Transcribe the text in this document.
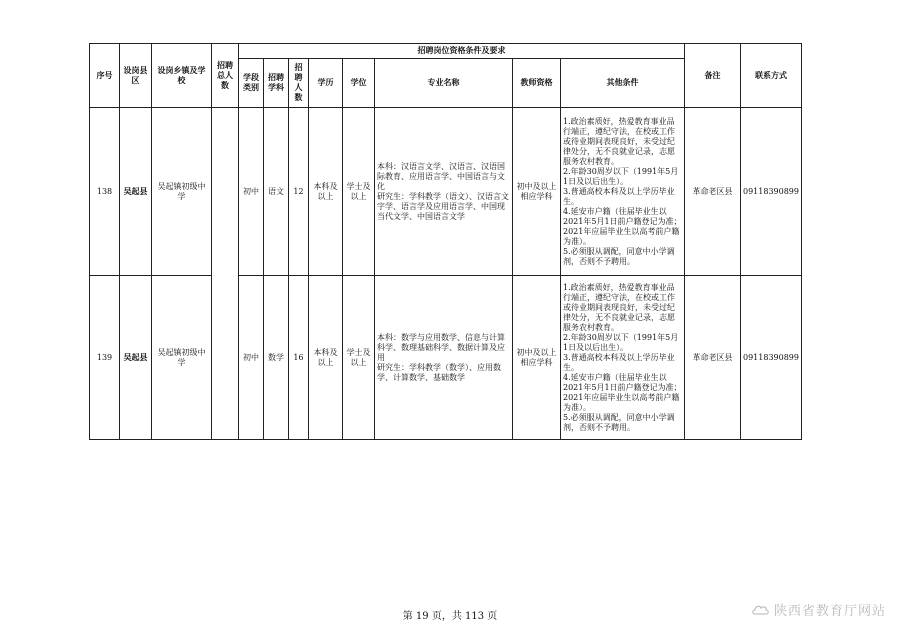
序号	设岗县区	设岗乡镇及学校	招聘总人数	招聘岗位资格条件及要求								备注	联系方式
				学段类别	招聘学科	招聘人数	学历	学位	专业名称	教师资格	其他条件		
138	吴起县	吴起镇初级中学		初中	语文	12	本科及以上	学士及以上	本科：汉语言文学、汉语言、汉语国际教育、应用语言学、中国语言与文化
研究生：学科教学（语文）、汉语言文字学、语言学及应用语言学、中国现当代文学、中国语言文学	初中及以上相应学科	1.政治素质好，热爱教育事业品行端正，遵纪守法，在校或工作或待业期间表现良好，未受过纪律处分，无不良就业记录，志愿服务农村教育。
2.年龄30周岁以下（1991年5月1日及以后出生）。
3.普通高校本科及以上学历毕业生。
4.延安市户籍（往届毕业生以2021年5月1日前户籍登记为准；2021年应届毕业生以高考前户籍为准）。
5.必须服从调配，同意中小学调剂，否则不予聘用。	革命老区县	09118390899
139	吴起县	吴起镇初级中学		初中	数学	16	本科及以上	学士及以上	本科：数学与应用数学、信息与计算科学、数理基础科学、数据计算及应用
研究生：学科教学（数学）、应用数学、计算数学、基础数学	初中及以上相应学科	1.政治素质好，热爱教育事业品行端正，遵纪守法，在校或工作或待业期间表现良好，未受过纪律处分，无不良就业记录，志愿服务农村教育。
2.年龄30周岁以下（1991年5月1日及以后出生）。
3.普通高校本科及以上学历毕业生。
4.延安市户籍（往届毕业生以2021年5月1日前户籍登记为准；2021年应届毕业生以高考前户籍为准）。
5.必须服从调配，同意中小学调剂，否则不予聘用。	革命老区县	09118390899
第 19 页，共 113 页	陕西省教育厅网站
